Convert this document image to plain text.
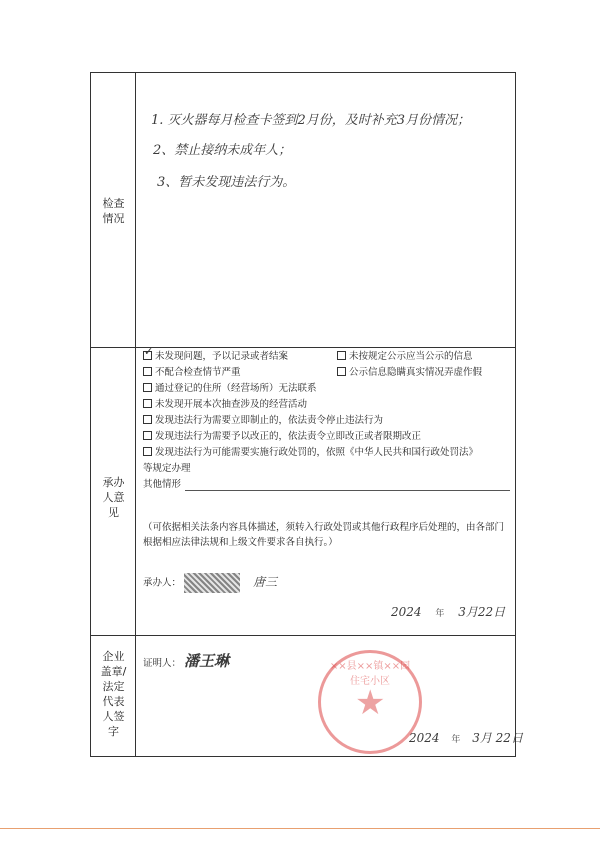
检查
情况
1. 灭火器每月检查卡签到2月份，及时补充3月份情况；
2、禁止接纳未成年人；
3、暂未发现违法行为。
承办
人意
见
✓未发现问题，予以记录或者结案	未按规定公示应当公示的信息
不配合检查情节严重	公示信息隐瞒真实情况弄虚作假
通过登记的住所（经营场所）无法联系
未发现开展本次抽查涉及的经营活动
发现违法行为需要立即制止的，依法责令停止违法行为
发现违法行为需要予以改正的，依法责令立即改正或者限期改正
发现违法行为可能需要实施行政处罚的，依照《中华人民共和国行政处罚法》
等规定办理
其他情形
（可依据相关法条内容具体描述，须转入行政处罚或其他行政程序后处理的，由各部门根据相应法律法规和上级文件要求各自执行。）
承办人：	唐三
2024 年 3月22日
企业
盖章/
法定
代表
人签
字
证明人： 潘王琳
2024 年 3月 22日
××县××镇××园住宅小区
★
